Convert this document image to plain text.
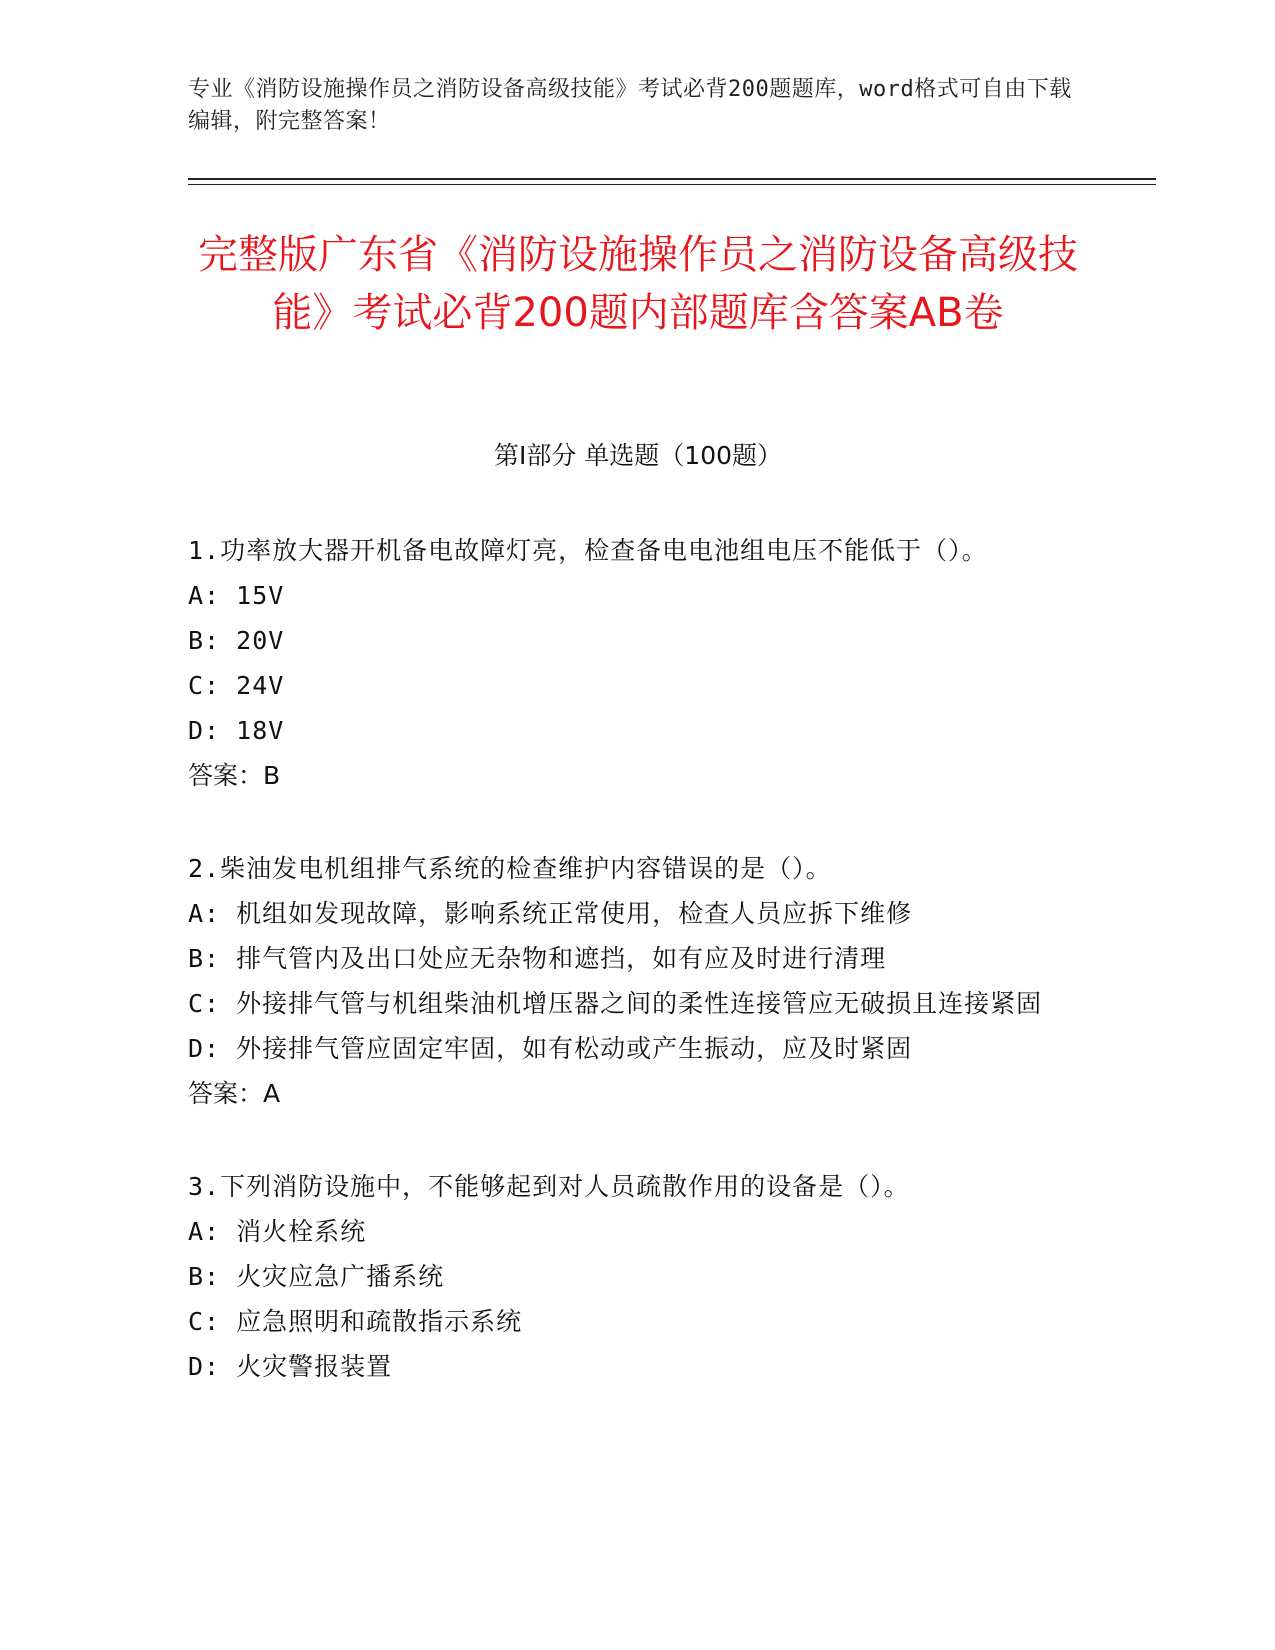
专业《消防设施操作员之消防设备高级技能》考试必背200题题库，word格式可自由下载编辑，附完整答案！
完整版广东省《消防设施操作员之消防设备高级技能》考试必背200题内部题库含答案AB卷
第Ⅰ部分 单选题（100题）
1.功率放大器开机备电故障灯亮，检查备电电池组电压不能低于（）。
A: 15V
B: 20V
C: 24V
D: 18V
答案：B
2.柴油发电机组排气系统的检查维护内容错误的是（）。
A: 机组如发现故障，影响系统正常使用，检查人员应拆下维修
B: 排气管内及出口处应无杂物和遮挡，如有应及时进行清理
C: 外接排气管与机组柴油机增压器之间的柔性连接管应无破损且连接紧固
D: 外接排气管应固定牢固，如有松动或产生振动，应及时紧固
答案：A
3.下列消防设施中，不能够起到对人员疏散作用的设备是（）。
A: 消火栓系统
B: 火灾应急广播系统
C: 应急照明和疏散指示系统
D: 火灾警报装置
